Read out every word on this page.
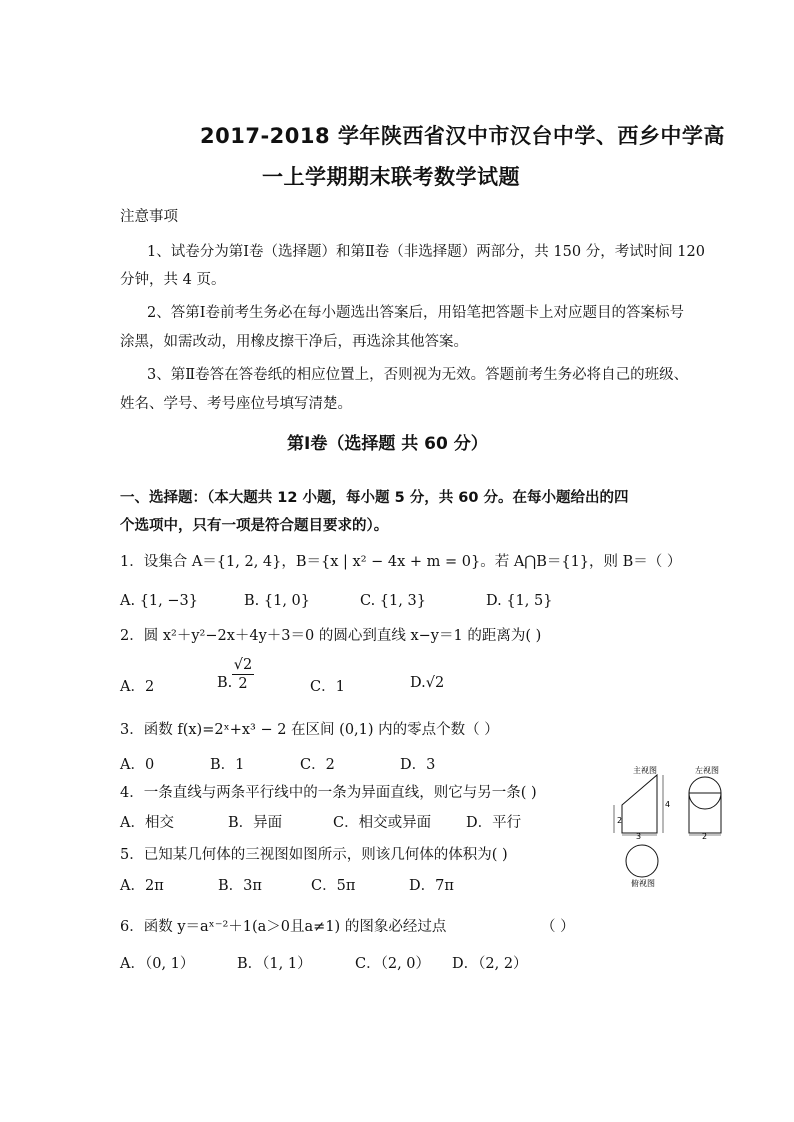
2017-2018 学年陕西省汉中市汉台中学、西乡中学高
一上学期期末联考数学试题
注意事项
1、试卷分为第Ⅰ卷（选择题）和第Ⅱ卷（非选择题）两部分，共 150 分，考试时间 120
分钟，共 4 页。
2、答第Ⅰ卷前考生务必在每小题选出答案后，用铅笔把答题卡上对应题目的答案标号
涂黑，如需改动，用橡皮擦干净后，再选涂其他答案。
3、第Ⅱ卷答在答卷纸的相应位置上，否则视为无效。答题前考生务必将自己的班级、
姓名、学号、考号座位号填写清楚。
第Ⅰ卷（选择题 共 60 分）
一、选择题：（本大题共 12 小题，每小题 5 分，共 60 分。在每小题给出的四
个选项中，只有一项是符合题目要求的）。
1．设集合 A＝{1, 2, 4}，B＝{x | x² − 4x + m = 0}。若 A⋂B＝{1}，则 B＝（ ）
A. {1, −3}	B. {1, 0}	C. {1, 3}	D. {1, 5}
2．圆 x²＋y²−2x＋4y＋3＝0 的圆心到直线 x−y＝1 的距离为( )
A．2	B. $\frac{√2}{2}$	C．1	D.√2
3．函数 f(x)=2ˣ+x³ − 2 在区间 (0,1) 内的零点个数（ ）
A．0	B．1	C．2	D．3
4．一条直线与两条平行线中的一条为异面直线，则它与另一条( )
A．相交	B．异面	C．相交或异面 D．平行
5．已知某几何体的三视图如图所示，则该几何体的体积为( )
A．2π	B．3π	C．5π	D．7π
主视图
2
4
3
左视图
2
俯视图
6．函数 y＝aˣ⁻²＋1(a＞0且a≠1) 的图象必经过点	（ ）
A．（0, 1）	B．（1, 1）	C．（2, 0） D．（2, 2）
